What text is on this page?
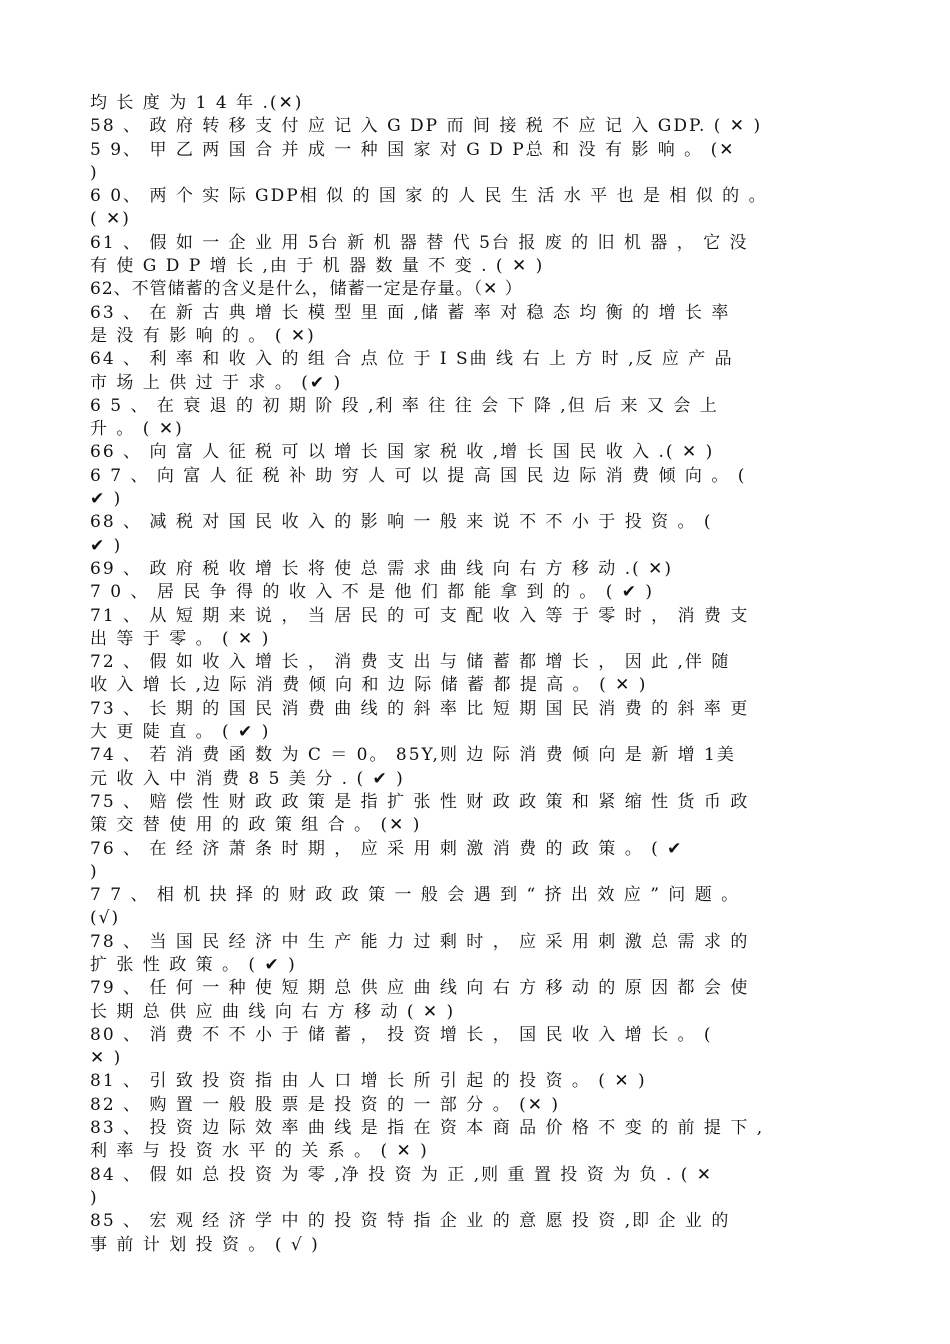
均 长 度 为 1 4 年 .(✕)
58 、 政 府 转 移 支 付 应 记 入 G DP 而 间 接 税 不 应 记 入 GDP. ( ✕ )
5 9、 甲 乙 两 国 合 并 成 一 种 国 家 对 G D P总 和 没 有 影 响 。 (✕
)
6 0、 两 个 实 际 GDP相 似 的 国 家 的 人 民 生 活 水 平 也 是 相 似 的 。
( ✕)
61 、 假 如 一 企 业 用 5台 新 机 器 替 代 5台 报 废 的 旧 机 器 ， 它 没
有 使 G D P 增 长 ,由 于 机 器 数 量 不 变 . ( ✕ )
62、不管储蓄的含义是什么，储蓄一定是存量。（✕ ）
63 、 在 新 古 典 增 长 模 型 里 面 ,储 蓄 率 对 稳 态 均 衡 的 增 长 率
是 没 有 影 响 的 。 ( ✕)
64 、 利 率 和 收 入 的 组 合 点 位 于 I S曲 线 右 上 方 时 ,反 应 产 品
市 场 上 供 过 于 求 。 (✔ )
6 5 、 在 衰 退 的 初 期 阶 段 ,利 率 往 往 会 下 降 ,但 后 来 又 会 上
升 。 ( ✕)
66 、 向 富 人 征 税 可 以 增 长 国 家 税 收 ,增 长 国 民 收 入 .( ✕ )
6 7 、 向 富 人 征 税 补 助 穷 人 可 以 提 高 国 民 边 际 消 费 倾 向 。 (
✔ )
68 、 减 税 对 国 民 收 入 的 影 响 一 般 来 说 不 不 小 于 投 资 。 (
✔ )
69 、 政 府 税 收 增 长 将 使 总 需 求 曲 线 向 右 方 移 动 .( ✕)
7 0 、 居 民 争 得 的 收 入 不 是 他 们 都 能 拿 到 的 。 ( ✔ )
71 、 从 短 期 来 说 ， 当 居 民 的 可 支 配 收 入 等 于 零 时 ， 消 费 支
出 等 于 零 。 ( ✕ )
72 、 假 如 收 入 增 长 ， 消 费 支 出 与 储 蓄 都 增 长 ， 因 此 ,伴 随
收 入 增 长 ,边 际 消 费 倾 向 和 边 际 储 蓄 都 提 高 。 ( ✕ )
73 、 长 期 的 国 民 消 费 曲 线 的 斜 率 比 短 期 国 民 消 费 的 斜 率 更
大 更 陡 直 。 ( ✔ )
74 、 若 消 费 函 数 为 C ＝ 0。 85Y,则 边 际 消 费 倾 向 是 新 增 1美
元 收 入 中 消 费 8 5 美 分 . ( ✔ )
75 、 赔 偿 性 财 政 政 策 是 指 扩 张 性 财 政 政 策 和 紧 缩 性 货 币 政
策 交 替 使 用 的 政 策 组 合 。 (✕ )
76 、 在 经 济 萧 条 时 期 ， 应 采 用 刺 激 消 费 的 政 策 。 ( ✔
)
7 7 、 相 机 抉 择 的 财 政 政 策 一 般 会 遇 到 “ 挤 出 效 应 ” 问 题 。
(√)
78 、 当 国 民 经 济 中 生 产 能 力 过 剩 时 ， 应 采 用 刺 激 总 需 求 的
扩 张 性 政 策 。 ( ✔ )
79 、 任 何 一 种 使 短 期 总 供 应 曲 线 向 右 方 移 动 的 原 因 都 会 使
长 期 总 供 应 曲 线 向 右 方 移 动 ( ✕ )
80 、 消 费 不 不 小 于 储 蓄 ， 投 资 增 长 ， 国 民 收 入 增 长 。 (
✕ )
81 、 引 致 投 资 指 由 人 口 增 长 所 引 起 的 投 资 。 ( ✕ )
82 、 购 置 一 般 股 票 是 投 资 的 一 部 分 。 (✕ )
83 、 投 资 边 际 效 率 曲 线 是 指 在 资 本 商 品 价 格 不 变 的 前 提 下 ,
利 率 与 投 资 水 平 的 关 系 。 ( ✕ )
84 、 假 如 总 投 资 为 零 ,净 投 资 为 正 ,则 重 置 投 资 为 负 . ( ✕
)
85 、 宏 观 经 济 学 中 的 投 资 特 指 企 业 的 意 愿 投 资 ,即 企 业 的
事 前 计 划 投 资 。 ( √ )
